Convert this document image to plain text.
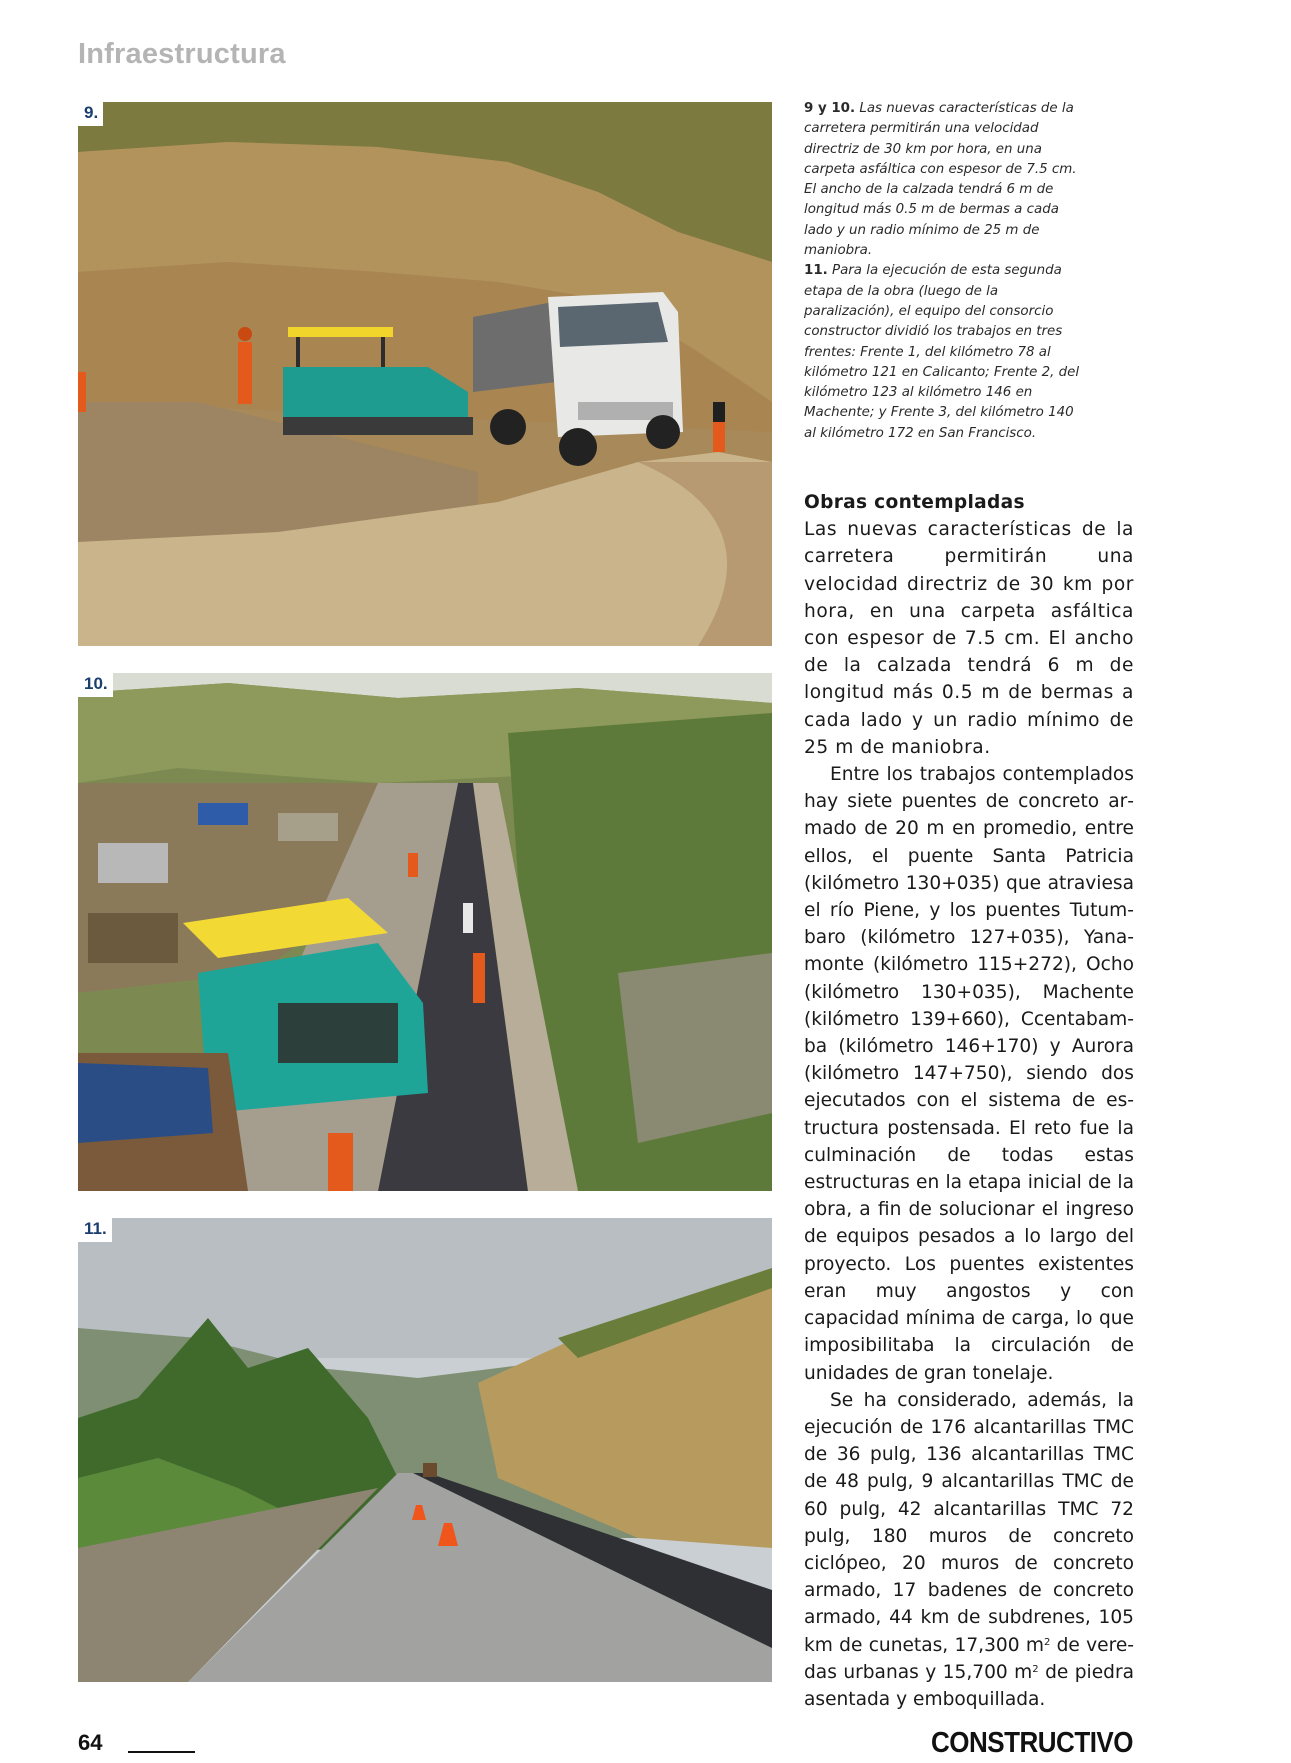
Infraestructura
9.
10.
11.

9 y 10. Las nuevas características de la carretera permitirán una velocidad directriz de 30 km por hora, en una carpeta asfáltica con espesor de 7.5 cm. El ancho de la calzada tendrá 6 m de longitud más 0.5 m de bermas a cada lado y un radio mínimo de 25 m de maniobra.

11. Para la ejecución de esta segunda etapa de la obra (luego de la paralización), el equipo del consorcio constructor dividió los trabajos en tres frentes: Frente 1, del kilómetro 78 al kilómetro 121 en Calicanto; Frente 2, del kilómetro 123 al kilómetro 146 en Machente; y Frente 3, del kilómetro 140 al kilómetro 172 en San Francisco.

Obras contempladas

Las nuevas características de la carretera permitirán una velocidad directriz de 30 km por hora, en una carpeta asfáltica con espesor de 7.5 cm. El ancho de la calzada tendrá 6 m de longitud más 0.5 m de bermas a cada lado y un radio mínimo de 25 m de maniobra.

Entre los trabajos contemplados hay siete puentes de concreto armado de 20 m en promedio, entre ellos, el puente Santa Patricia (kilómetro 130+035) que atraviesa el río Piene, y los puentes Tutumbaro (kilómetro 127+035), Yanamonte (kilómetro 115+272), Ocho (kilómetro 130+035), Machente (kilómetro 139+660), Ccentabamba (kilómetro 146+170) y Aurora (kilómetro 147+750), siendo dos ejecutados con el sistema de estructura postensada. El reto fue la culminación de todas estas estructuras en la etapa inicial de la obra, a fin de solucionar el ingreso de equipos pesados a lo largo del proyecto. Los puentes existentes eran muy angostos y con capacidad mínima de carga, lo que imposibilitaba la circulación de unidades de gran tonelaje.

Se ha considerado, además, la ejecución de 176 alcantarillas TMC de 36 pulg, 136 alcantarillas TMC de 48 pulg, 9 alcantarillas TMC de 60 pulg, 42 alcantarillas TMC 72 pulg, 180 muros de concreto ciclópeo, 20 muros de concreto armado, 17 badenes de concreto armado, 44 km de subdrenes, 105 km de cunetas, 17,300 $m^2$ de veredas urbanas y 15,700 $m^2$ de piedra asentada y emboquillada.

64	CONSTRUCTIVO
